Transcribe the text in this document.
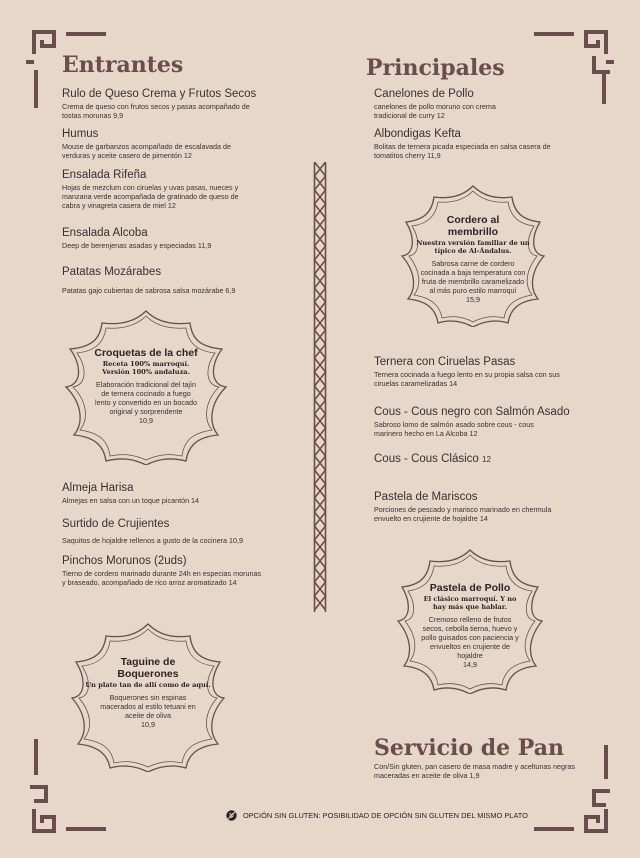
Entrantes
Rulo de Queso Crema y Frutos Secos
Crema de queso con frutos secos y pasas acompañado de tostas morunas 9,9
Humus
Mouse de garbanzos acompañado de escalavada de verduras y aceite casero de pimentón 12
Ensalada Rifeña
Hojas de mezclum con ciruelas y uvas pasas, nueces y manzana verde acompañada de gratinado de queso de cabra y vinagreta casera de miel 12
Ensalada Alcoba
Deep de berenjenas asadas y especiadas 11,9
Patatas Mozárabes
Patatas gajo cubiertas de sabrosa salsa mozárabe 6,9
Croquetas de la chef
Receta 100% marroquí. Versión 100% andaluza.
Elaboración tradicional del tajín de ternera cocinado a fuego lento y convertido en un bocado original y sorprendente
10,9
Almeja Harisa
Almejas en salsa con un toque picantón 14
Surtido de Crujientes
Saquitos de hojaldre rellenos a gusto de la cocinera 10,9
Pinchos Morunos (2uds)
Tierno de cordero marinado durante 24h en especias morunas y braseado, acompañado de rico arroz aromatizado 14
Taguine de Boquerones
Un plato tan de allí como de aquí.
Boquerones sin espinas macerados al estilo tetuani en aceite de oliva
10,9
Principales
Canelones de Pollo
canelones de pollo moruno con crema tradicional de curry 12
Albondigas Kefta
Bolitas de ternera picada especiada en salsa casera de tomatitos cherry 11,9
Cordero al membrillo
Nuestra versión familiar de un típico de Al-Ándalus.
Sabrosa carne de cordero cocinada a baja temperatura con fruta de membrillo caramelizado al más puro estilo marroquí
15,9
Ternera con Ciruelas Pasas
Ternera cocinada a fuego lento en su propia salsa con sus ciruelas caramelizadas 14
Cous - Cous negro con Salmón Asado
Sabroso lomo de salmón asado sobre cous - cous marinero hecho en La Alcoba 12
Cous - Cous Clásico 12
Pastela de Mariscos
Porciones de pescado y marisco marinado en chermula envuelto en crujiente de hojaldre 14
Pastela de Pollo
El clásico marroquí. Y no hay más que hablar.
Cremoso relleno de frutos secos, cebolla tierna, huevo y pollo guisados con paciencia y envueltos en crujiente de hojaldre
14,9
Servicio de Pan
Con/Sin gluten, pan casero de masa madre y aceltunas negras maceradas en aceite de oliva 1,9
OPCIÓN SIN GLUTEN: POSIBILIDAD DE OPCIÓN SIN GLUTEN DEL MISMO PLATO
